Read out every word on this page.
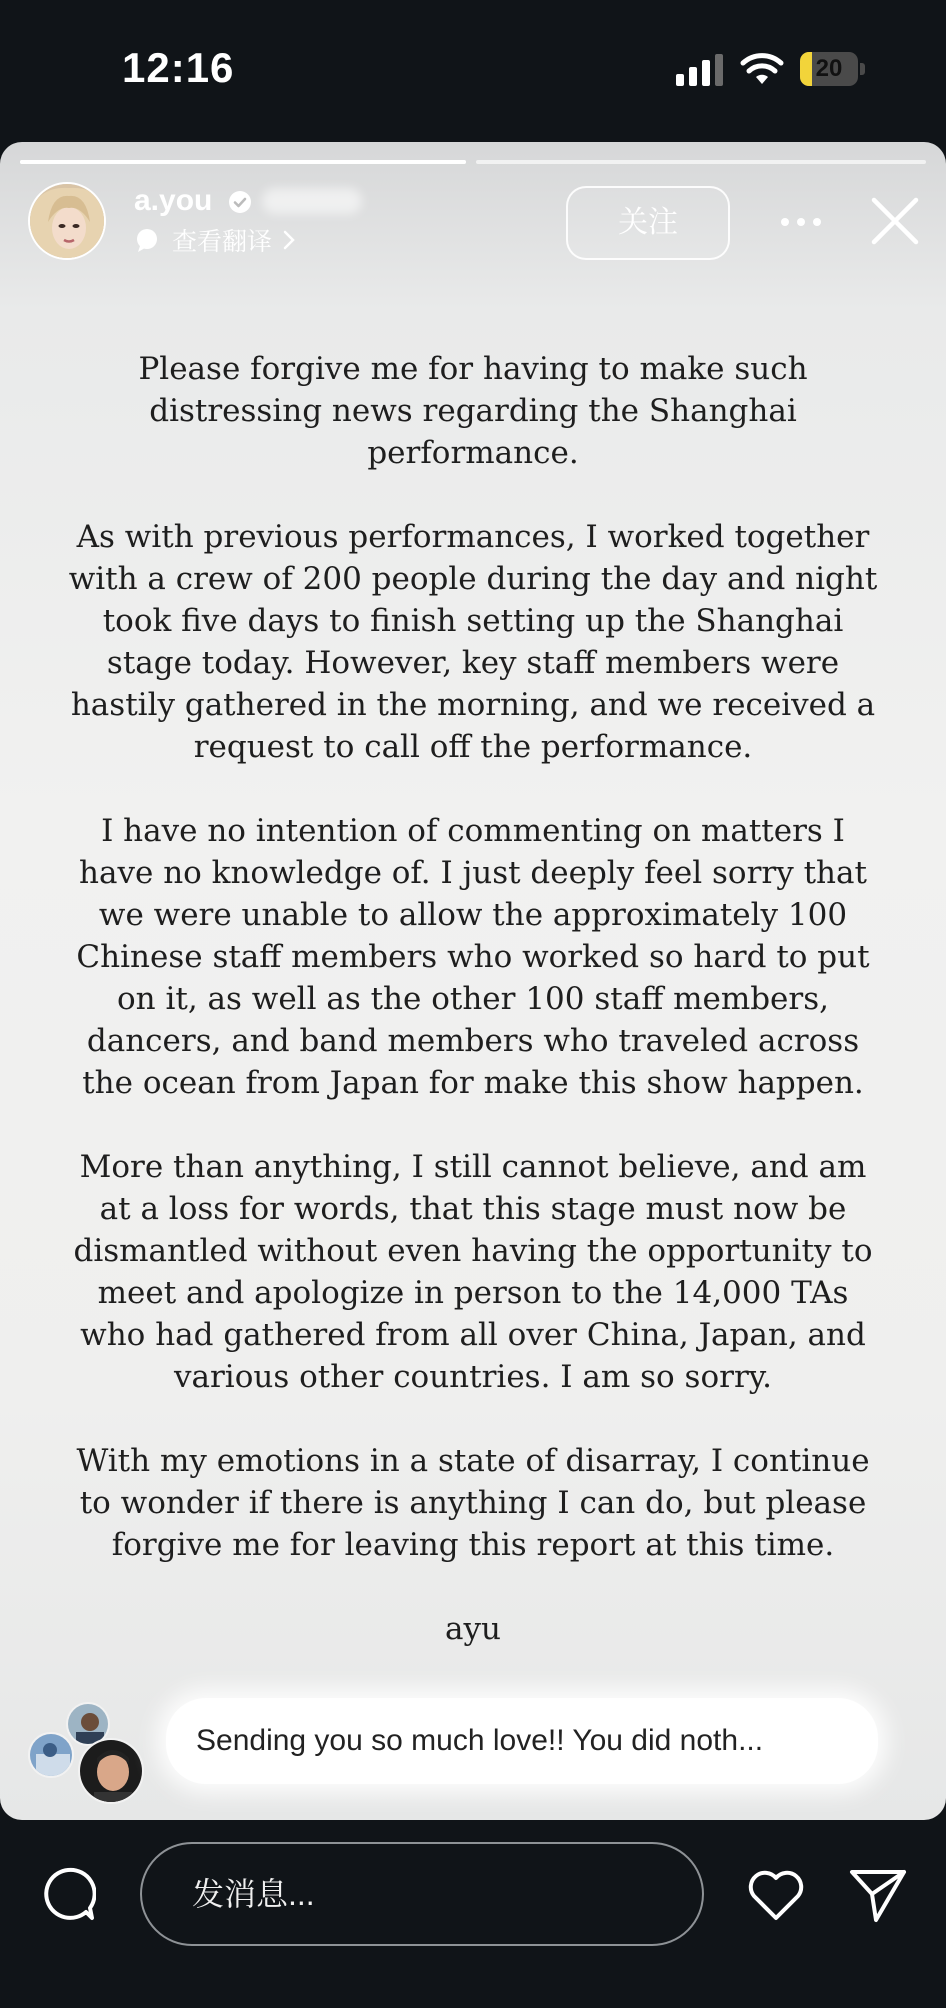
12:16	20
a.you
查看翻译
关注

Please forgive me for having to make such distressing news regarding the Shanghai performance.

As with previous performances, I worked together with a crew of 200 people during the day and night took five days to finish setting up the Shanghai stage today. However, key staff members were hastily gathered in the morning, and we received a request to call off the performance.

I have no intention of commenting on matters I have no knowledge of. I just deeply feel sorry that we were unable to allow the approximately 100 Chinese staff members who worked so hard to put on it, as well as the other 100 staff members, dancers, and band members who traveled across the ocean from Japan for make this show happen.

More than anything, I still cannot believe, and am at a loss for words, that this stage must now be dismantled without even having the opportunity to meet and apologize in person to the 14,000 TAs who had gathered from all over China, Japan, and various other countries. I am so sorry.

With my emotions in a state of disarray, I continue to wonder if there is anything I can do, but please forgive me for leaving this report at this time.

ayu

Sending you so much love!! You did noth...
发消息...
